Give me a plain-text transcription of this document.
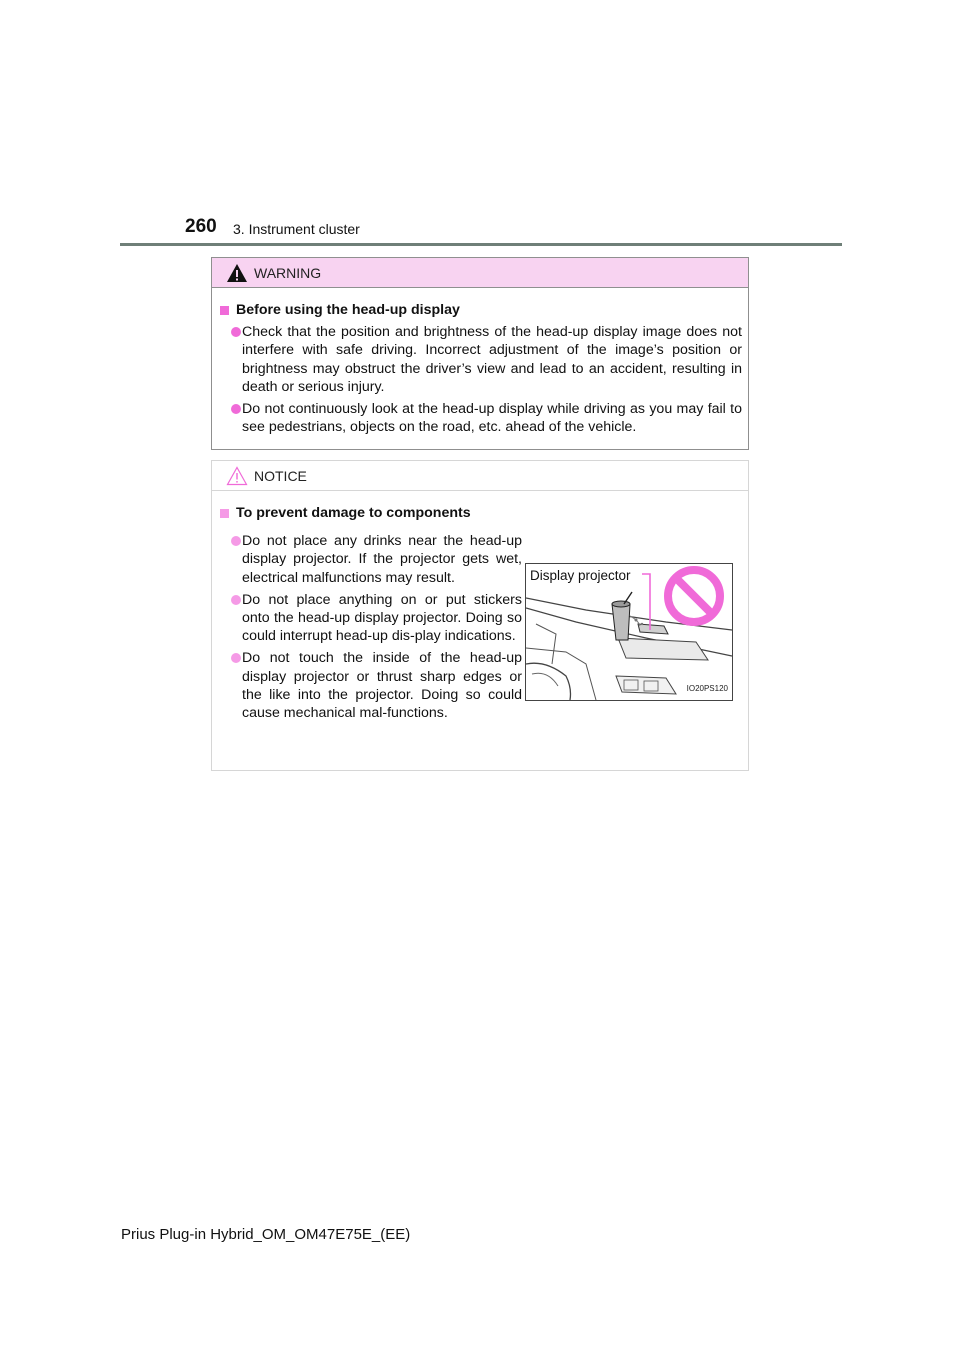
260 3. Instrument cluster
WARNING
Before using the head-up display
Check that the position and brightness of the head-up display image does not interfere with safe driving. Incorrect adjustment of the image’s position or brightness may obstruct the driver’s view and lead to an accident, resulting in death or serious injury.
Do not continuously look at the head-up display while driving as you may fail to see pedestrians, objects on the road, etc. ahead of the vehicle.
NOTICE
To prevent damage to components
Do not place any drinks near the head-up display projector. If the projector gets wet, electrical malfunctions may result.
Do not place anything on or put stickers onto the head-up display projector. Doing so could interrupt head-up dis-play indications.
Do not touch the inside of the head-up display projector or thrust sharp edges or the like into the projector. Doing so could cause mechanical mal-functions.
Display projector
IO20PS120
Prius Plug-in Hybrid_OM_OM47E75E_(EE)
